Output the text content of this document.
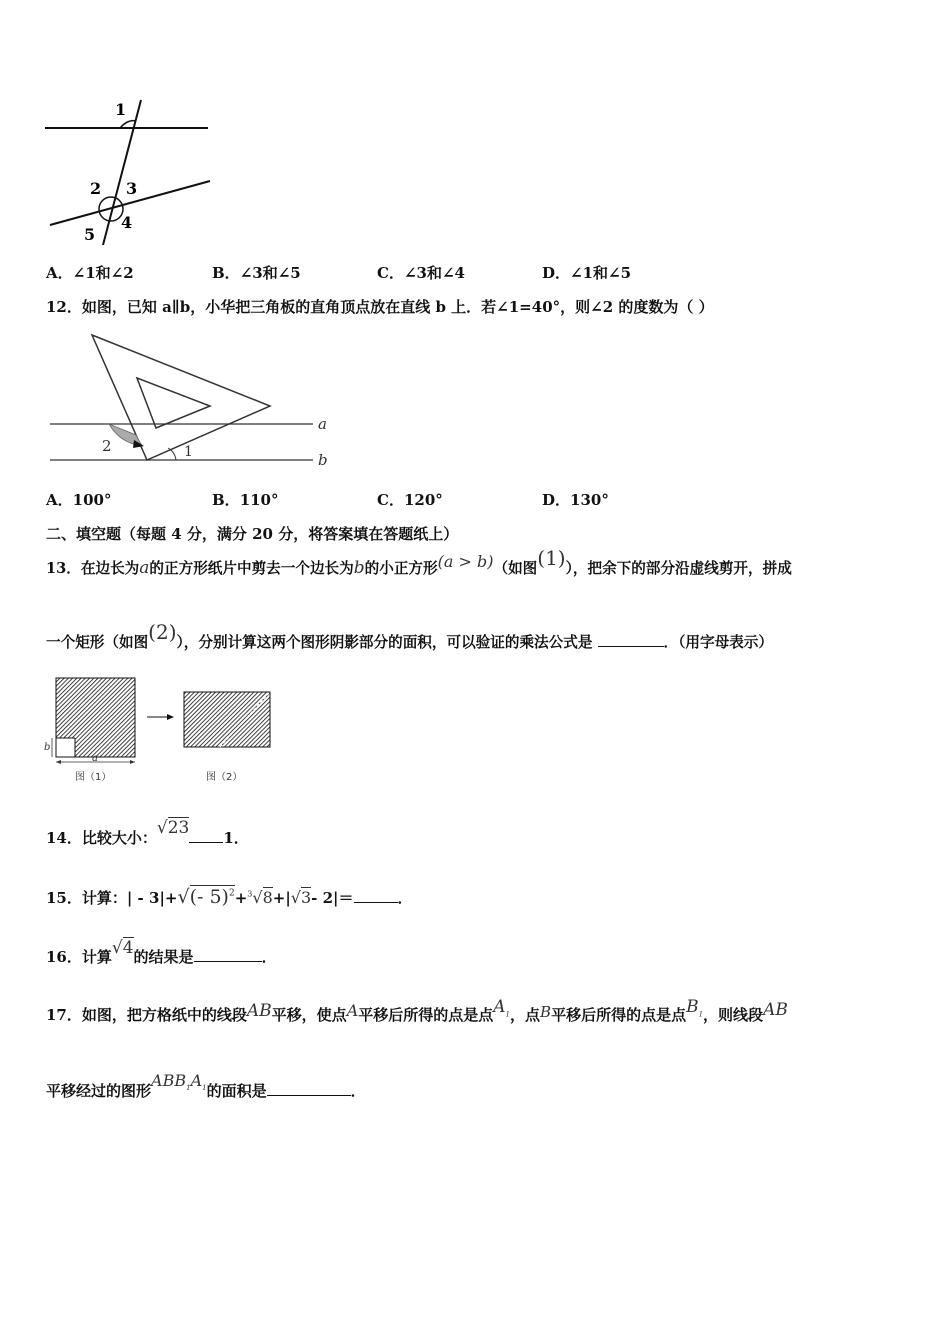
1
2 3
4
5
A．∠1和∠2	B．∠3和∠5	C．∠3和∠4	D．∠1和∠5
12．如图，已知 a∥b，小华把三角板的直角顶点放在直线 b 上．若∠1=40°，则∠2 的度数为（ ）
2	1
a
b
A．100°	B．110°	C．120°	D．130°
二、填空题（每题 4 分，满分 20 分，将答案填在答题纸上）
13．在边长为a的正方形纸片中剪去一个边长为b的小正方形(a > b)（如图(1)），把余下的部分沿虚线剪开，拼成
一个矩形（如图(2)），分别计算这两个图形阴影部分的面积，可以验证的乘法公式是	．（用字母表示）
a
b
图（1）	图（2）
14．比较大小：√23 1．
15．计算：| - 3|+√(- 5)$^2$+$^3$√8+|√3- 2|＝	．
16．计算√4的结果是	．
17．如图，把方格纸中的线段AB平移，使点A平移后所得的点是点$A_1$，点B平移后所得的点是点$B_1$，则线段AB
平移经过的图形$ABB_1A_1$的面积是	．
